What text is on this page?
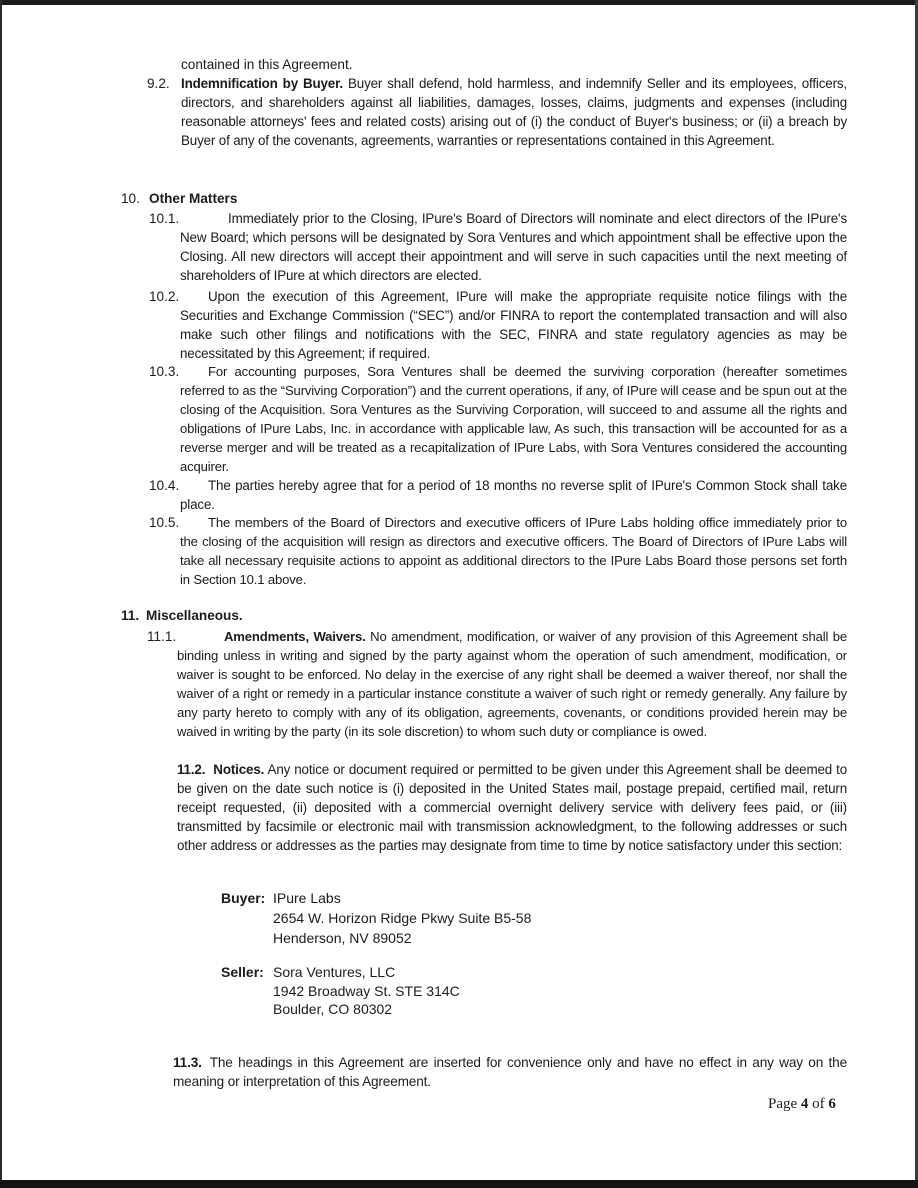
contained in this Agreement.
9.2. Indemnification by Buyer. Buyer shall defend, hold harmless, and indemnify Seller and its employees, officers, directors, and shareholders against all liabilities, damages, losses, claims, judgments and expenses (including reasonable attorneys' fees and related costs) arising out of (i) the conduct of Buyer's business; or (ii) a breach by Buyer of any of the covenants, agreements, warranties or representations contained in this Agreement.
10. Other Matters
10.1.	Immediately prior to the Closing, IPure's Board of Directors will nominate and elect directors of the IPure's New Board; which persons will be designated by Sora Ventures and which appointment shall be effective upon the Closing. All new directors will accept their appointment and will serve in such capacities until the next meeting of shareholders of IPure at which directors are elected.
10.2.	Upon the execution of this Agreement, IPure will make the appropriate requisite notice filings with the Securities and Exchange Commission (“SEC”) and/or FINRA to report the contemplated transaction and will also make such other filings and notifications with the SEC, FINRA and state regulatory agencies as may be necessitated by this Agreement; if required.
10.3.	For accounting purposes, Sora Ventures shall be deemed the surviving corporation (hereafter sometimes referred to as the “Surviving Corporation”) and the current operations, if any, of IPure will cease and be spun out at the closing of the Acquisition. Sora Ventures as the Surviving Corporation, will succeed to and assume all the rights and obligations of IPure Labs, Inc. in accordance with applicable law, As such, this transaction will be accounted for as a reverse merger and will be treated as a recapitalization of IPure Labs, with Sora Ventures considered the accounting acquirer.
10.4.	The parties hereby agree that for a period of 18 months no reverse split of IPure's Common Stock shall take place.
10.5.	The members of the Board of Directors and executive officers of IPure Labs holding office immediately prior to the closing of the acquisition will resign as directors and executive officers. The Board of Directors of IPure Labs will take all necessary requisite actions to appoint as additional directors to the IPure Labs Board those persons set forth in Section 10.1 above.
11. Miscellaneous.
11.1.	Amendments, Waivers. No amendment, modification, or waiver of any provision of this Agreement shall be binding unless in writing and signed by the party against whom the operation of such amendment, modification, or waiver is sought to be enforced. No delay in the exercise of any right shall be deemed a waiver thereof, nor shall the waiver of a right or remedy in a particular instance constitute a waiver of such right or remedy generally. Any failure by any party hereto to comply with any of its obligation, agreements, covenants, or conditions provided herein may be waived in writing by the party (in its sole discretion) to whom such duty or compliance is owed.
11.2. Notices. Any notice or document required or permitted to be given under this Agreement shall be deemed to be given on the date such notice is (i) deposited in the United States mail, postage prepaid, certified mail, return receipt requested, (ii) deposited with a commercial overnight delivery service with delivery fees paid, or (iii) transmitted by facsimile or electronic mail with transmission acknowledgment, to the following addresses or such other address or addresses as the parties may designate from time to time by notice satisfactory under this section:
Buyer: IPure Labs
2654 W. Horizon Ridge Pkwy Suite B5-58
Henderson, NV 89052
Seller: Sora Ventures, LLC
1942 Broadway St. STE 314C
Boulder, CO 80302
11.3. The headings in this Agreement are inserted for convenience only and have no effect in any way on the meaning or interpretation of this Agreement.
Page 4 of 6
